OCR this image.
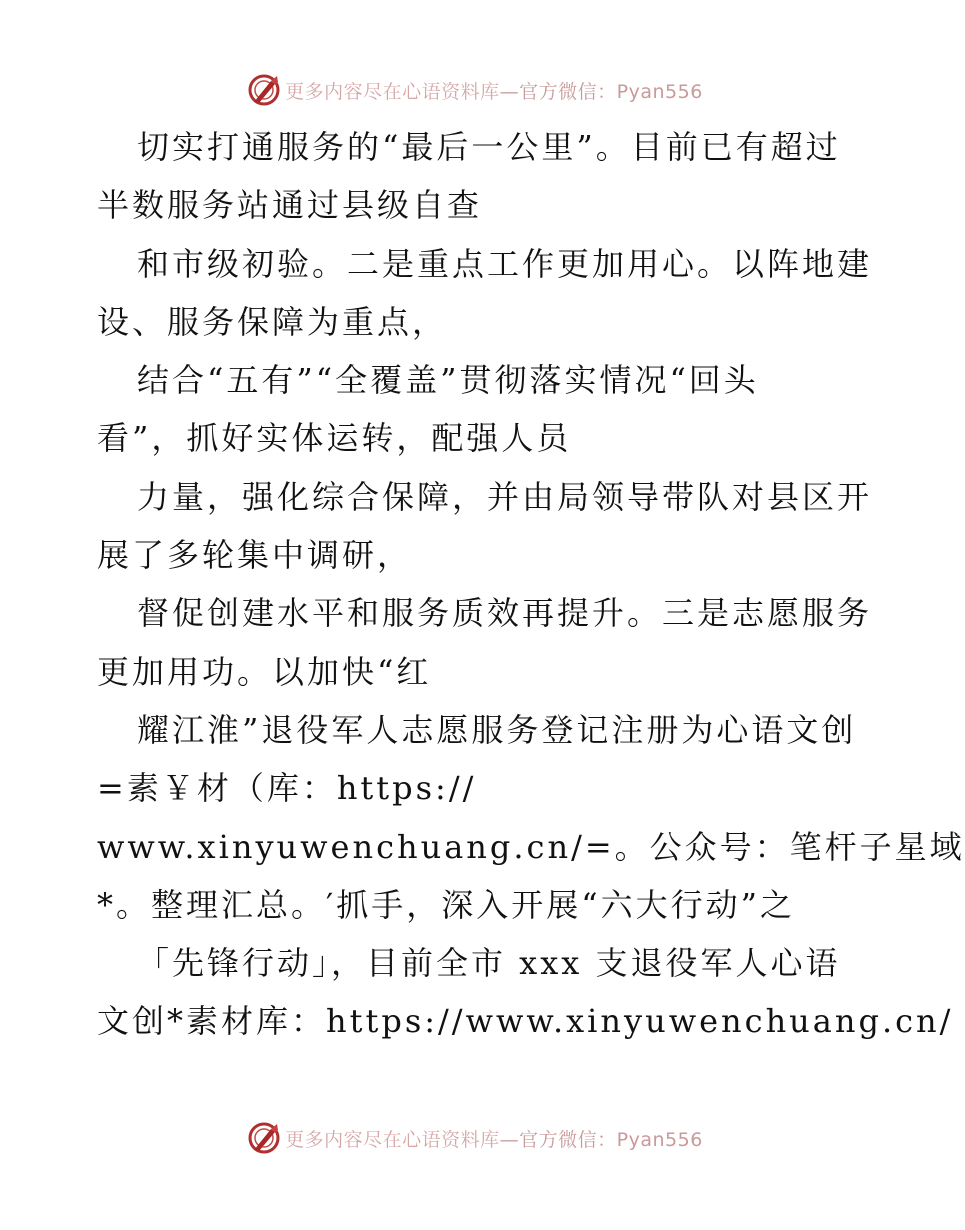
更多内容尽在心语资料库—官方微信：Pyan556
切实打通服务的“最后一公里”。目前已有超过
半数服务站通过县级自查
和市级初验。二是重点工作更加用心。以阵地建
设、服务保障为重点，
结合“五有”“全覆盖”贯彻落实情况“回头
看”，抓好实体运转，配强人员
力量，强化综合保障，并由局领导带队对县区开
展了多轮集中调研，
督促创建水平和服务质效再提升。三是志愿服务
更加用功。以加快“红
耀江淮”退役军人志愿服务登记注册为心语文创
=素￥材（库：https://
www.xinyuwenchuang.cn/=。公众号：笔杆子星域
*。整理汇总。′抓手，深入开展“六大行动”之
「先锋行动」，目前全市 xxx 支退役军人心语
文创*素材库：https://www.xinyuwenchuang.cn/
更多内容尽在心语资料库—官方微信：Pyan556
